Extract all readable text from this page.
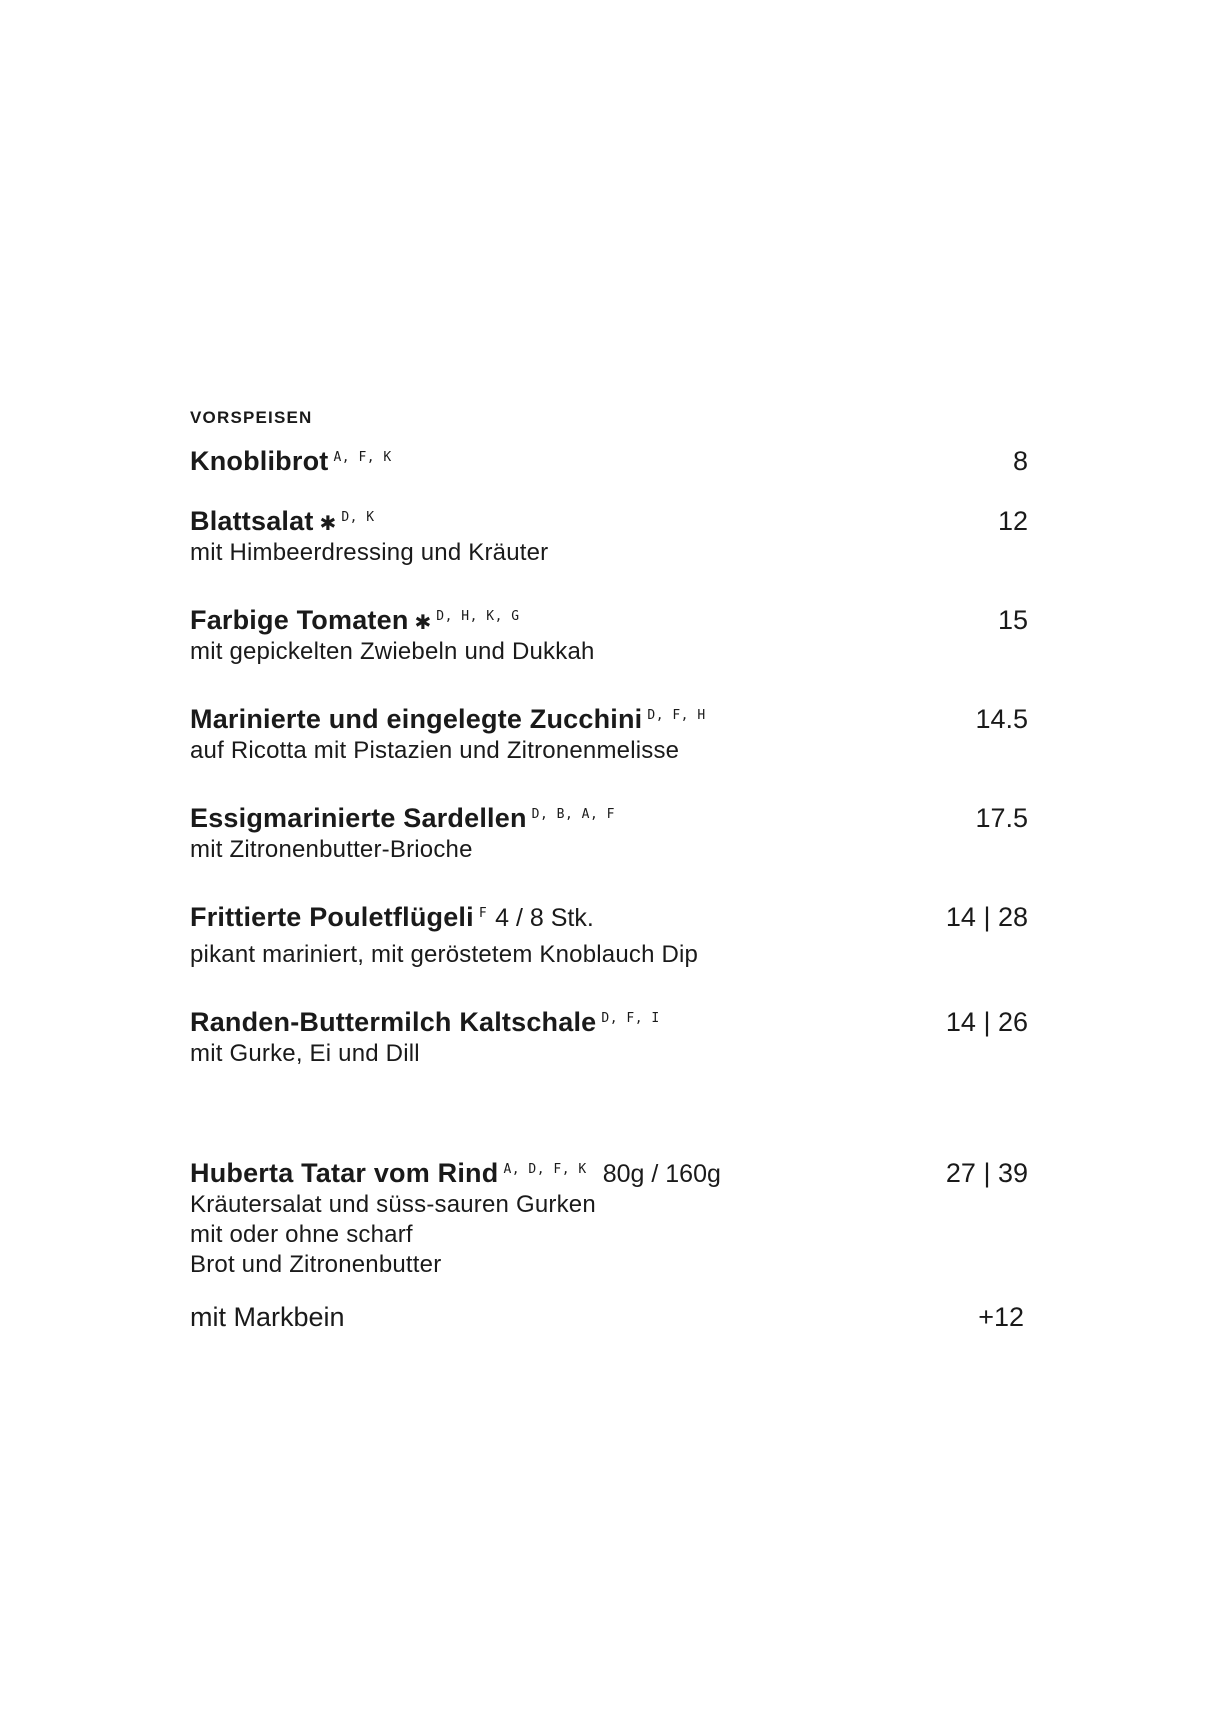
VORSPEISEN
Knoblibrot $^{A, F, K}$	8
Blattsalat ✱ $^{D, K}$	12
mit Himbeerdressing und Kräuter
Farbige Tomaten ✱ $^{D, H, K, G}$	15
mit gepickelten Zwiebeln und Dukkah
Marinierte und eingelegte Zucchini $^{D, F, H}$	14.5
auf Ricotta mit Pistazien und Zitronenmelisse
Essigmarinierte Sardellen $^{D, B, A, F}$	17.5
mit Zitronenbutter-Brioche
Frittierte Pouletflügeli $^F$ 4 / 8 Stk.	14 | 28
pikant mariniert, mit geröstetem Knoblauch Dip
Randen-Buttermilch Kaltschale $^{D, F, I}$	14 | 26
mit Gurke, Ei und Dill
Huberta Tatar vom Rind $^{A, D, F, K}$ 80g / 160g	27 | 39
Kräutersalat und süss-sauren Gurken
mit oder ohne scharf
Brot und Zitronenbutter
mit Markbein	+12
